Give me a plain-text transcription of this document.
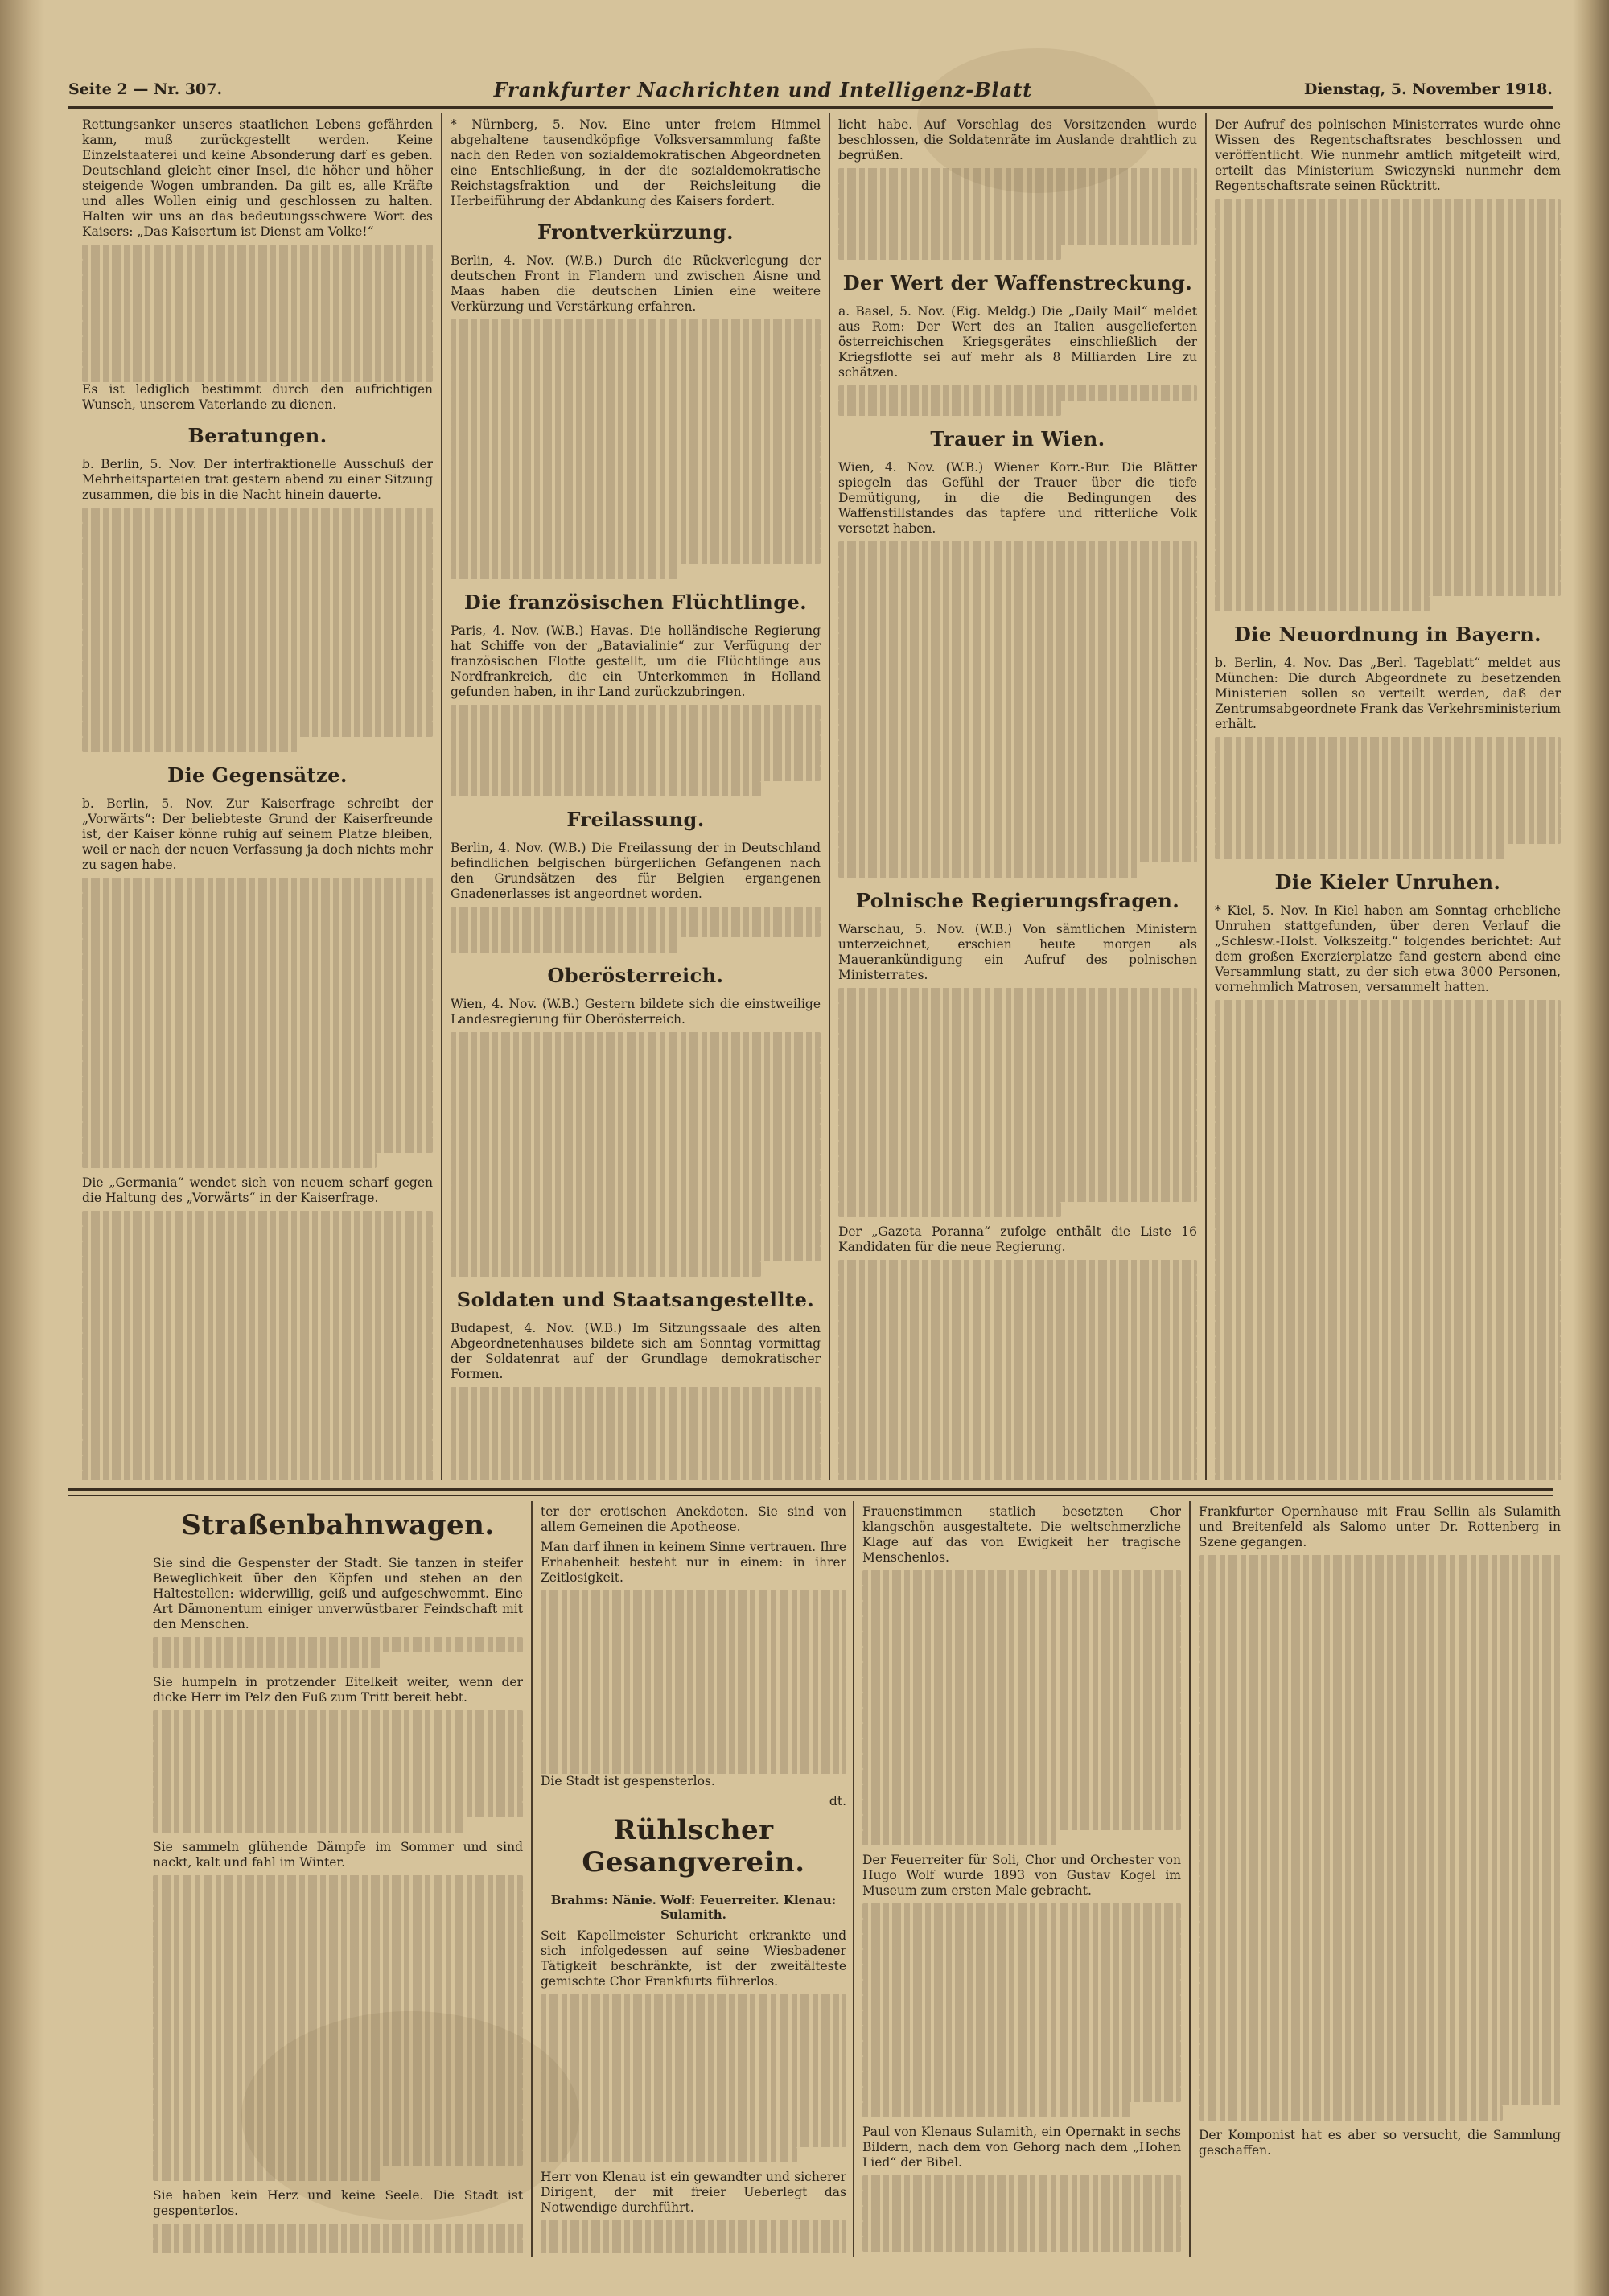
Seite 2 — Nr. 307.	Frankfurter Nachrichten und Intelligenz-Blatt	Dienstag, 5. November 1918.

Rettungsanker unseres staatlichen Lebens gefährden kann, muß zurückgestellt werden. Keine Einzelstaaterei und keine Absonderung darf es geben. Deutschland gleicht einer Insel, die höher und höher steigende Wogen umbranden. Da gilt es, alle Kräfte und alles Wollen einig und geschlossen zu halten. Halten wir uns an das bedeutungsschwere Wort des Kaisers: „Das Kaisertum ist Dienst am Volke!“

Es ist lediglich bestimmt durch den aufrichtigen Wunsch, unserem Vaterlande zu dienen.

Beratungen.

b. Berlin, 5. Nov. Der interfraktionelle Ausschuß der Mehrheitsparteien trat gestern abend zu einer Sitzung zusammen, die bis in die Nacht hinein dauerte.

Die Gegensätze.

b. Berlin, 5. Nov. Zur Kaiserfrage schreibt der „Vorwärts“: Der beliebteste Grund der Kaiserfreunde ist, der Kaiser könne ruhig auf seinem Platze bleiben, weil er nach der neuen Verfassung ja doch nichts mehr zu sagen habe.

Die „Germania“ wendet sich von neuem scharf gegen die Haltung des „Vorwärts“ in der Kaiserfrage.

* Nürnberg, 5. Nov. Eine unter freiem Himmel abgehaltene tausendköpfige Volksversammlung faßte nach den Reden von sozialdemokratischen Abgeordneten eine Entschließung, in der die sozialdemokratische Reichstagsfraktion und der Reichsleitung die Herbeiführung der Abdankung des Kaisers fordert.

Frontverkürzung.

Berlin, 4. Nov. (W.B.) Durch die Rückverlegung der deutschen Front in Flandern und zwischen Aisne und Maas haben die deutschen Linien eine weitere Verkürzung und Verstärkung erfahren.

Die französischen Flüchtlinge.

Paris, 4. Nov. (W.B.) Havas. Die holländische Regierung hat Schiffe von der „Batavialinie“ zur Verfügung der französischen Flotte gestellt, um die Flüchtlinge aus Nordfrankreich, die ein Unterkommen in Holland gefunden haben, in ihr Land zurückzubringen.

Freilassung.

Berlin, 4. Nov. (W.B.) Die Freilassung der in Deutschland befindlichen belgischen bürgerlichen Gefangenen nach den Grundsätzen des für Belgien ergangenen Gnadenerlasses ist angeordnet worden.

Oberösterreich.

Wien, 4. Nov. (W.B.) Gestern bildete sich die einstweilige Landesregierung für Oberösterreich.

Soldaten und Staatsangestellte.

Budapest, 4. Nov. (W.B.) Im Sitzungssaale des alten Abgeordnetenhauses bildete sich am Sonntag vormittag der Soldatenrat auf der Grundlage demokratischer Formen.

licht habe. Auf Vorschlag des Vorsitzenden wurde beschlossen, die Soldatenräte im Auslande drahtlich zu begrüßen.

Der Wert der Waffenstreckung.

a. Basel, 5. Nov. (Eig. Meldg.) Die „Daily Mail“ meldet aus Rom: Der Wert des an Italien ausgelieferten österreichischen Kriegsgerätes einschließlich der Kriegsflotte sei auf mehr als 8 Milliarden Lire zu schätzen.

Trauer in Wien.

Wien, 4. Nov. (W.B.) Wiener Korr.-Bur. Die Blätter spiegeln das Gefühl der Trauer über die tiefe Demütigung, in die die Bedingungen des Waffenstillstandes das tapfere und ritterliche Volk versetzt haben.

Polnische Regierungsfragen.

Warschau, 5. Nov. (W.B.) Von sämtlichen Ministern unterzeichnet, erschien heute morgen als Mauerankündigung ein Aufruf des polnischen Ministerrates.

Der „Gazeta Poranna“ zufolge enthält die Liste 16 Kandidaten für die neue Regierung.

Der Aufruf des polnischen Ministerrates wurde ohne Wissen des Regentschaftsrates beschlossen und veröffentlicht. Wie nunmehr amtlich mitgeteilt wird, erteilt das Ministerium Swiezynski nunmehr dem Regentschaftsrate seinen Rücktritt.

Die Neuordnung in Bayern.

b. Berlin, 4. Nov. Das „Berl. Tageblatt“ meldet aus München: Die durch Abgeordnete zu besetzenden Ministerien sollen so verteilt werden, daß der Zentrumsabgeordnete Frank das Verkehrsministerium erhält.

Die Kieler Unruhen.

* Kiel, 5. Nov. In Kiel haben am Sonntag erhebliche Unruhen stattgefunden, über deren Verlauf die „Schlesw.-Holst. Volkszeitg.“ folgendes berichtet: Auf dem großen Exerzierplatze fand gestern abend eine Versammlung statt, zu der sich etwa 3000 Personen, vornehmlich Matrosen, versammelt hatten.

Straßenbahnwagen.

Sie sind die Gespenster der Stadt. Sie tanzen in steifer Beweglichkeit über den Köpfen und stehen an den Haltestellen: widerwillig, geiß und aufgeschwemmt. Eine Art Dämonentum einiger unverwüstbarer Feindschaft mit den Menschen.

Sie humpeln in protzender Eitelkeit weiter, wenn der dicke Herr im Pelz den Fuß zum Tritt bereit hebt.

Sie sammeln glühende Dämpfe im Sommer und sind nackt, kalt und fahl im Winter.

Sie haben kein Herz und keine Seele. Die Stadt ist gespenterlos.

ter der erotischen Anekdoten. Sie sind von allem Gemeinen die Apotheose.

Man darf ihnen in keinem Sinne vertrauen. Ihre Erhabenheit besteht nur in einem: in ihrer Zeitlosigkeit.

Die Stadt ist gespensterlos.

dt.

Rühlscher Gesangverein.
Brahms: Nänie. Wolf: Feuerreiter. Klenau: Sulamith.

Seit Kapellmeister Schuricht erkrankte und sich infolgedessen auf seine Wiesbadener Tätigkeit beschränkte, ist der zweitälteste gemischte Chor Frankfurts führerlos.

Herr von Klenau ist ein gewandter und sicherer Dirigent, der mit freier Ueberlegt das Notwendige durchführt.

Frauenstimmen statlich besetzten Chor klangschön ausgestaltete. Die weltschmerzliche Klage auf das von Ewigkeit her tragische Menschenlos.

Der Feuerreiter für Soli, Chor und Orchester von Hugo Wolf wurde 1893 von Gustav Kogel im Museum zum ersten Male gebracht.

Paul von Klenaus Sulamith, ein Opernakt in sechs Bildern, nach dem von Gehorg nach dem „Hohen Lied“ der Bibel.

Frankfurter Opernhause mit Frau Sellin als Sulamith und Breitenfeld als Salomo unter Dr. Rottenberg in Szene gegangen.

Der Komponist hat es aber so versucht, die Sammlung geschaffen.
